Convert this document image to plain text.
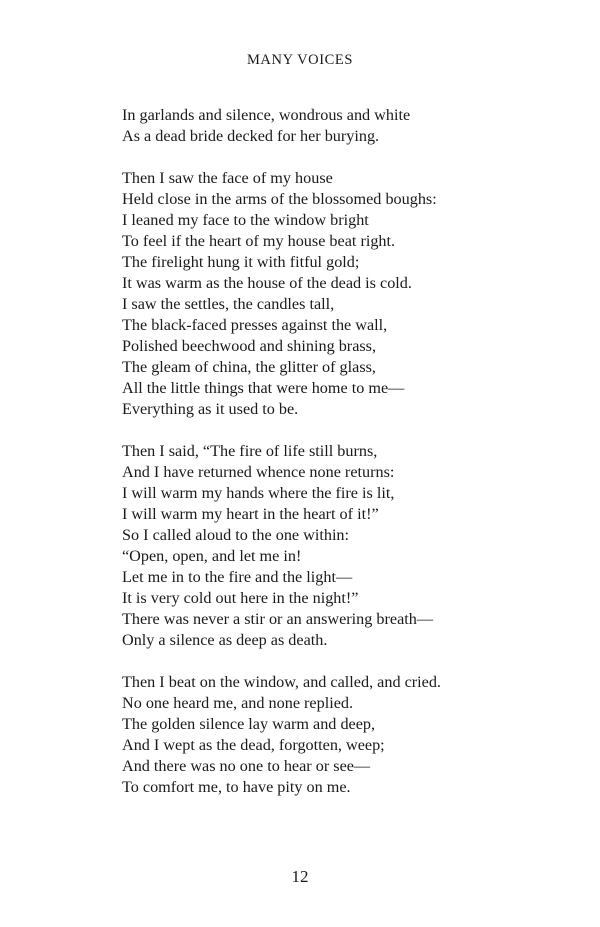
MANY VOICES
In garlands and silence, wondrous and white
As a dead bride decked for her burying.
Then I saw the face of my house
Held close in the arms of the blossomed boughs:
I leaned my face to the window bright
To feel if the heart of my house beat right.
The firelight hung it with fitful gold;
It was warm as the house of the dead is cold.
I saw the settles, the candles tall,
The black-faced presses against the wall,
Polished beechwood and shining brass,
The gleam of china, the glitter of glass,
All the little things that were home to me—
Everything as it used to be.
Then I said, “The fire of life still burns,
And I have returned whence none returns:
I will warm my hands where the fire is lit,
I will warm my heart in the heart of it!”
So I called aloud to the one within:
“Open, open, and let me in!
Let me in to the fire and the light—
It is very cold out here in the night!”
There was never a stir or an answering breath—
Only a silence as deep as death.
Then I beat on the window, and called, and cried.
No one heard me, and none replied.
The golden silence lay warm and deep,
And I wept as the dead, forgotten, weep;
And there was no one to hear or see—
To comfort me, to have pity on me.
12
